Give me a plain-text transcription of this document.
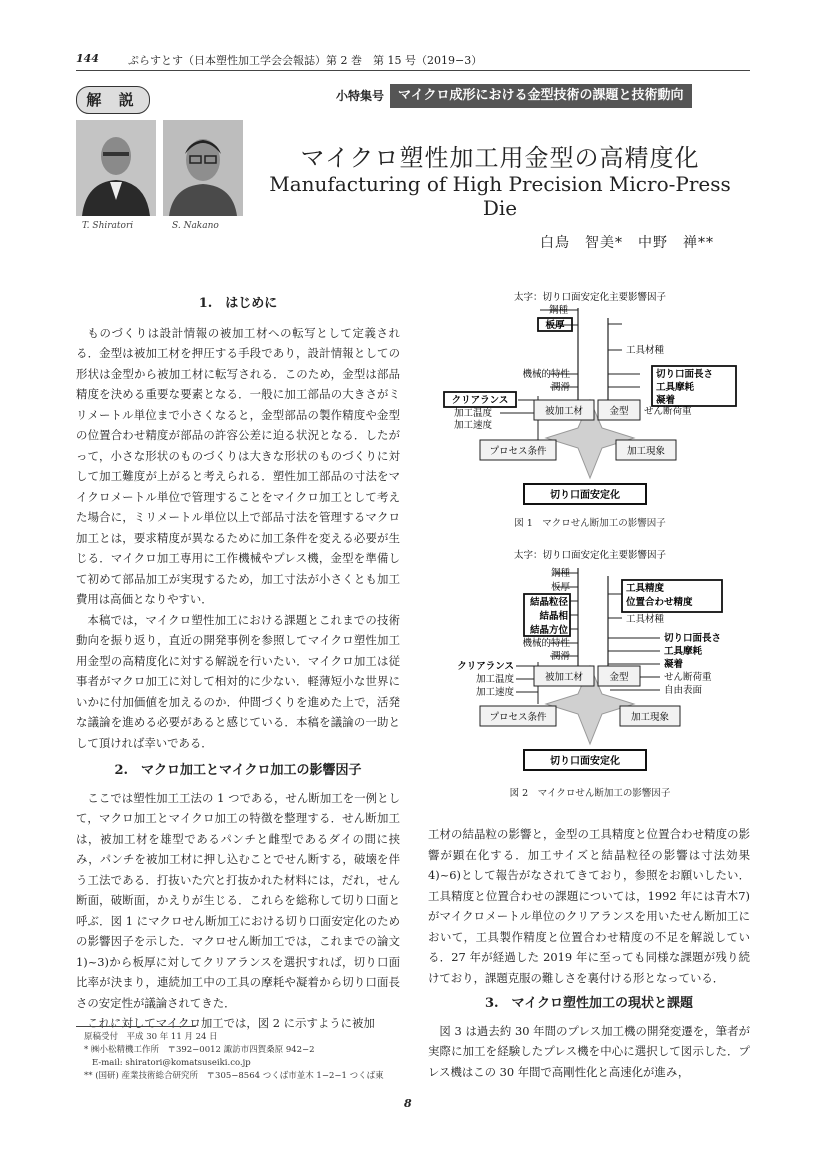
144	ぷらすとす（日本塑性加工学会会報誌）第 2 巻　第 15 号（2019−3）
解 説	小特集号	マイクロ成形における金型技術の課題と技術動向
T. Shiratori	S. Nakano
マイクロ塑性加工用金型の高精度化
Manufacturing of High Precision Micro-Press Die
白鳥　智美*　中野　禅**
1.　はじめに

ものづくりは設計情報の被加工材への転写として定義される．金型は被加工材を押圧する手段であり，設計情報としての形状は金型から被加工材に転写される．このため，金型は部品精度を決める重要な要素となる．一般に加工部品の大きさがミリメートル単位まで小さくなると，金型部品の製作精度や金型の位置合わせ精度が部品の許容公差に迫る状況となる．したがって，小さな形状のものづくりは大きな形状のものづくりに対して加工難度が上がると考えられる．塑性加工部品の寸法をマイクロメートル単位で管理することをマイクロ加工として考えた場合に，ミリメートル単位以上で部品寸法を管理するマクロ加工とは，要求精度が異なるために加工条件を変える必要が生じる．マイクロ加工専用に工作機械やプレス機，金型を準備して初めて部品加工が実現するため，加工寸法が小さくとも加工費用は高価となりやすい．

本稿では，マイクロ塑性加工における課題とこれまでの技術動向を振り返り，直近の開発事例を参照してマイクロ塑性加工用金型の高精度化に対する解説を行いたい．マイクロ加工は従事者がマクロ加工に対して相対的に少ない．軽薄短小な世界にいかに付加価値を加えるのか．仲間づくりを進めた上で，活発な議論を進める必要があると感じている．本稿を議論の一助として頂ければ幸いである．

2.　マクロ加工とマイクロ加工の影響因子

ここでは塑性加工工法の 1 つである，せん断加工を一例として，マクロ加工とマイクロ加工の特徴を整理する．せん断加工は，被加工材を雄型であるパンチと雌型であるダイの間に挟み，パンチを被加工材に押し込むことでせん断する，破壊を伴う工法である．打抜いた穴と打抜かれた材料には，だれ，せん断面，破断面，かえりが生じる．これらを総称して切り口面と呼ぶ．図 1 にマクロせん断加工における切り口面安定化のための影響因子を示した．マクロせん断加工では，これまでの論文1)~3)から板厚に対してクリアランスを選択すれば，切り口面比率が決まり，連続加工中の工具の摩耗や凝着から切り口面長さの安定性が議論されてきた．

これに対してマイクロ加工では，図 2 に示すように被加

原稿受付　平成 30 年 11 月 24 日
* ㈱小松精機工作所　〒392−0012 諏訪市四賀桑原 942−2
E-mail: shiratori@komatsuseiki.co.jp
** (国研) 産業技術総合研究所　〒305−8564 つくば市並木 1−2−1 つくば東
太字：切り口面安定化主要影響因子
鋼種
板厚
機械的特性
潤滑
クリアランス
加工温度
加工速度
工具材種
切り口面長さ
工具摩耗
凝着
せん断荷重
被加工材	金型
プロセス条件	加工現象
切り口面安定化
図 1　マクロせん断加工の影響因子
太字：切り口面安定化主要影響因子
鋼種
板厚
結晶粒径
結晶相
結晶方位
機械的特性
潤滑
クリアランス
加工温度
加工速度
工具精度
位置合わせ精度
工具材種
切り口面長さ
工具摩耗
凝着
せん断荷重
自由表面
被加工材	金型
プロセス条件	加工現象
切り口面安定化
図 2　マイクロせん断加工の影響因子

工材の結晶粒の影響と，金型の工具精度と位置合わせ精度の影響が顕在化する．加工サイズと結晶粒径の影響は寸法効果4)~6)として報告がなされてきており，参照をお願いしたい．工具精度と位置合わせの課題については，1992 年には青木7)がマイクロメートル単位のクリアランスを用いたせん断加工において，工具製作精度と位置合わせ精度の不足を解説している．27 年が経過した 2019 年に至っても同様な課題が残り続けており，課題克服の難しさを裏付ける形となっている．

3.　マイクロ塑性加工の現状と課題

図 3 は過去約 30 年間のプレス加工機の開発変遷を，筆者が実際に加工を経験したプレス機を中心に選択して図示した．プレス機はこの 30 年間で高剛性化と高速化が進み，

8
